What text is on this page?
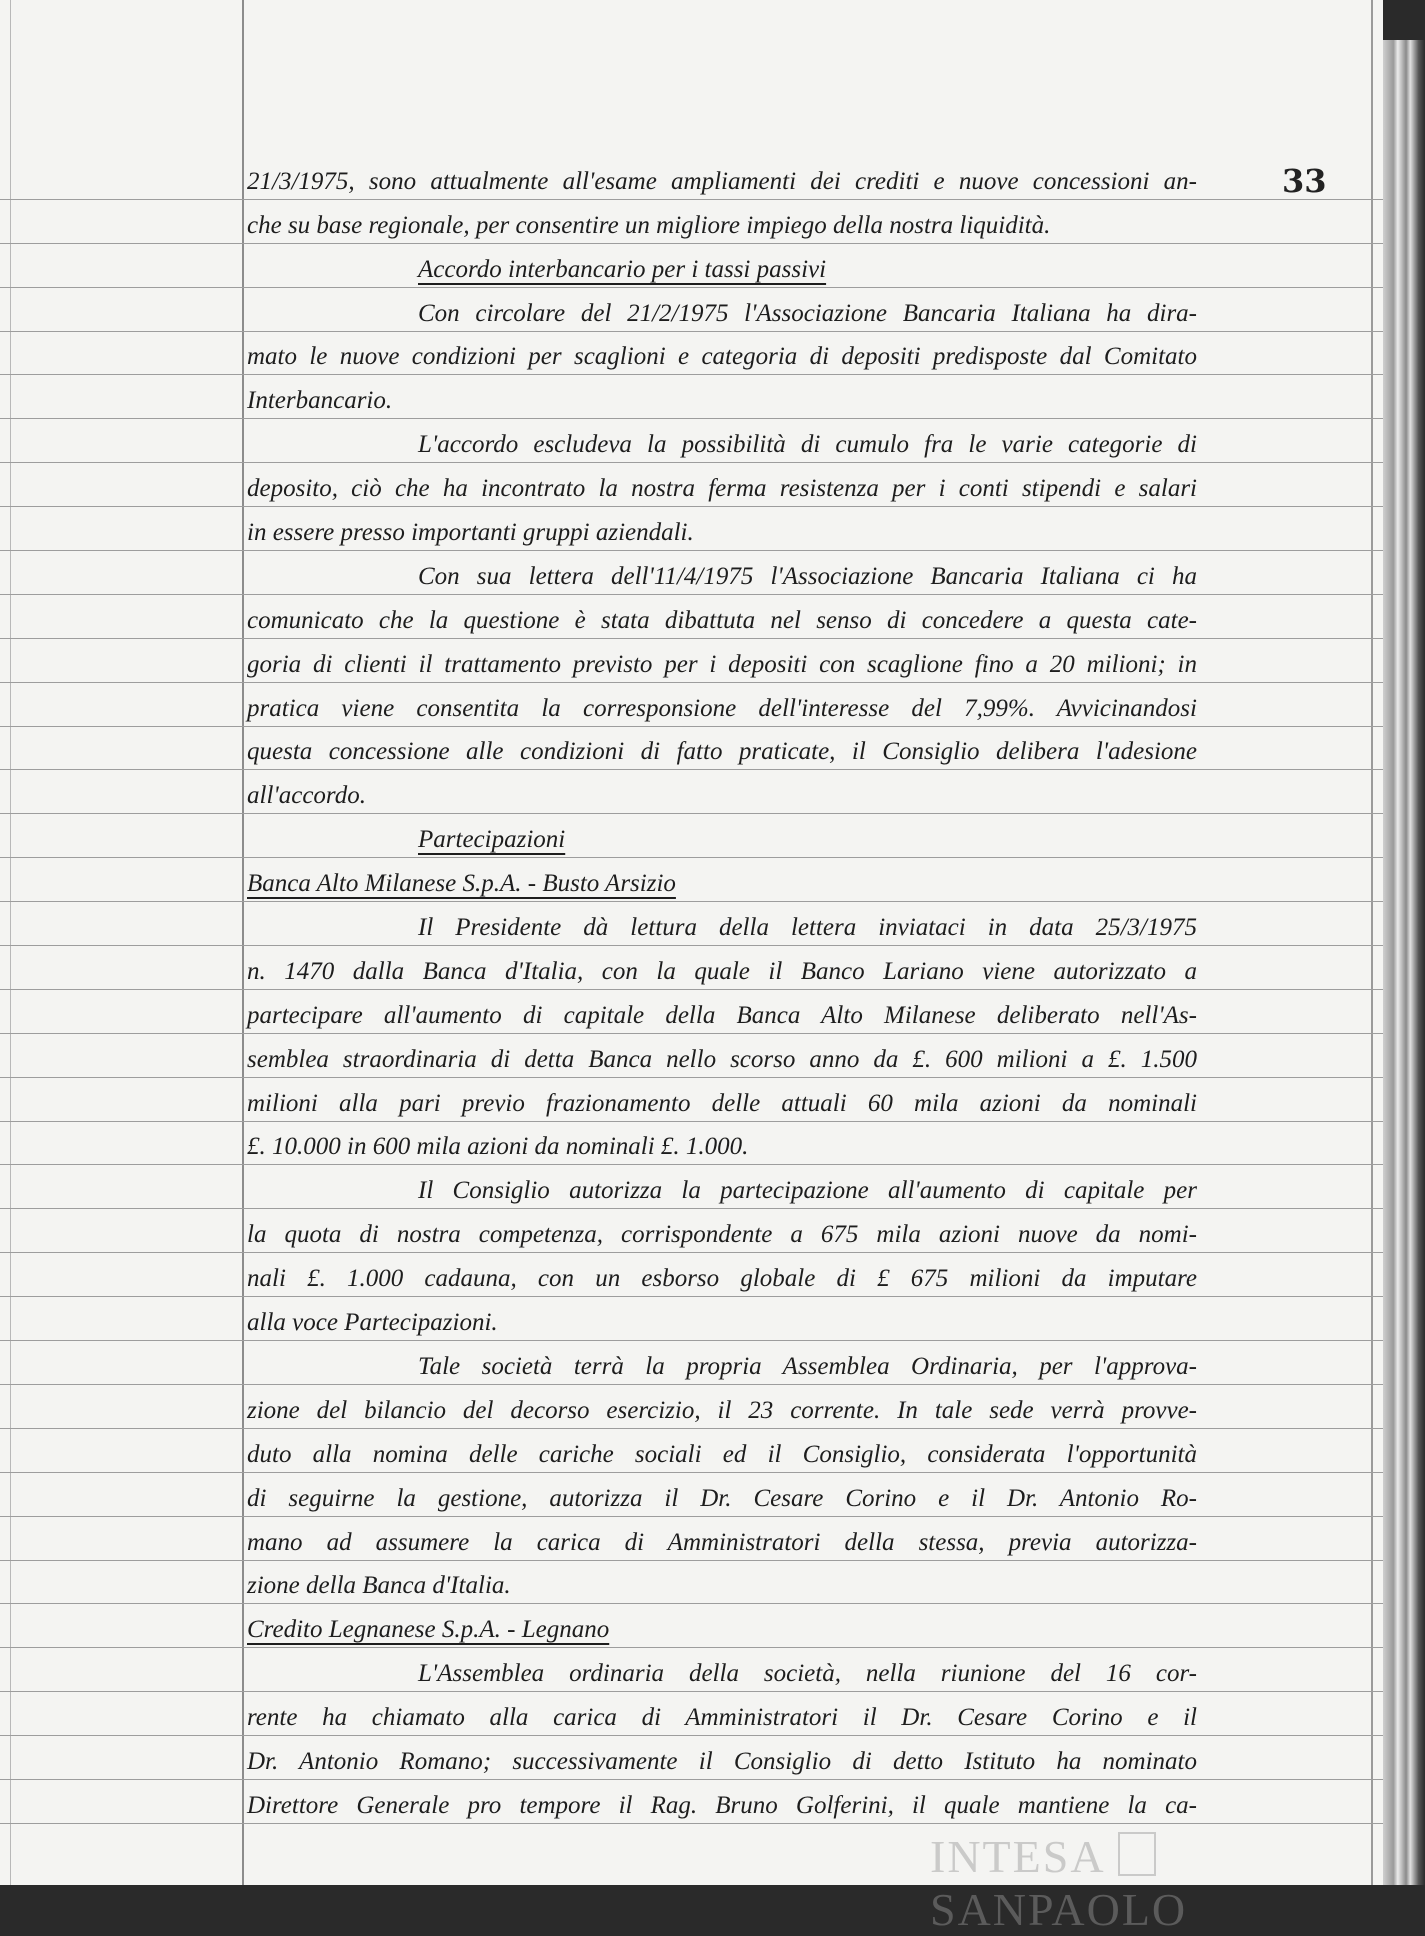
33
21/3/1975, sono attualmente all'esame ampliamenti dei crediti e nuove concessioni an-
che su base regionale, per consentire un migliore impiego della nostra liquidità.
Accordo interbancario per i tassi passivi
Con circolare del 21/2/1975 l'Associazione Bancaria Italiana ha dira-
mato le nuove condizioni per scaglioni e categoria di depositi predisposte dal Comitato
Interbancario.
L'accordo escludeva la possibilità di cumulo fra le varie categorie di
deposito, ciò che ha incontrato la nostra ferma resistenza per i conti stipendi e salari
in essere presso importanti gruppi aziendali.
Con sua lettera dell'11/4/1975 l'Associazione Bancaria Italiana ci ha
comunicato che la questione è stata dibattuta nel senso di concedere a questa cate-
goria di clienti il trattamento previsto per i depositi con scaglione fino a 20 milioni; in
pratica viene consentita la corresponsione dell'interesse del 7,99%. Avvicinandosi
questa concessione alle condizioni di fatto praticate, il Consiglio delibera l'adesione
all'accordo.
Partecipazioni
Banca Alto Milanese S.p.A. - Busto Arsizio
Il Presidente dà lettura della lettera inviataci in data 25/3/1975
n. 1470 dalla Banca d'Italia, con la quale il Banco Lariano viene autorizzato a
partecipare all'aumento di capitale della Banca Alto Milanese deliberato nell'As-
semblea straordinaria di detta Banca nello scorso anno da £. 600 milioni a £. 1.500
milioni alla pari previo frazionamento delle attuali 60 mila azioni da nominali
£. 10.000 in 600 mila azioni da nominali £. 1.000.
Il Consiglio autorizza la partecipazione all'aumento di capitale per
la quota di nostra competenza, corrispondente a 675 mila azioni nuove da nomi-
nali £. 1.000 cadauna, con un esborso globale di £ 675 milioni da imputare
alla voce Partecipazioni.
Tale società terrà la propria Assemblea Ordinaria, per l'approva-
zione del bilancio del decorso esercizio, il 23 corrente. In tale sede verrà provve-
duto alla nomina delle cariche sociali ed il Consiglio, considerata l'opportunità
di seguirne la gestione, autorizza il Dr. Cesare Corino e il Dr. Antonio Ro-
mano ad assumere la carica di Amministratori della stessa, previa autorizza-
zione della Banca d'Italia.
Credito Legnanese S.p.A. - Legnano
L'Assemblea ordinaria della società, nella riunione del 16 cor-
rente ha chiamato alla carica di Amministratori il Dr. Cesare Corino e il
Dr. Antonio Romano; successivamente il Consiglio di detto Istituto ha nominato
Direttore Generale pro tempore il Rag. Bruno Golferini, il quale mantiene la ca-
INTESASANPAOLO
